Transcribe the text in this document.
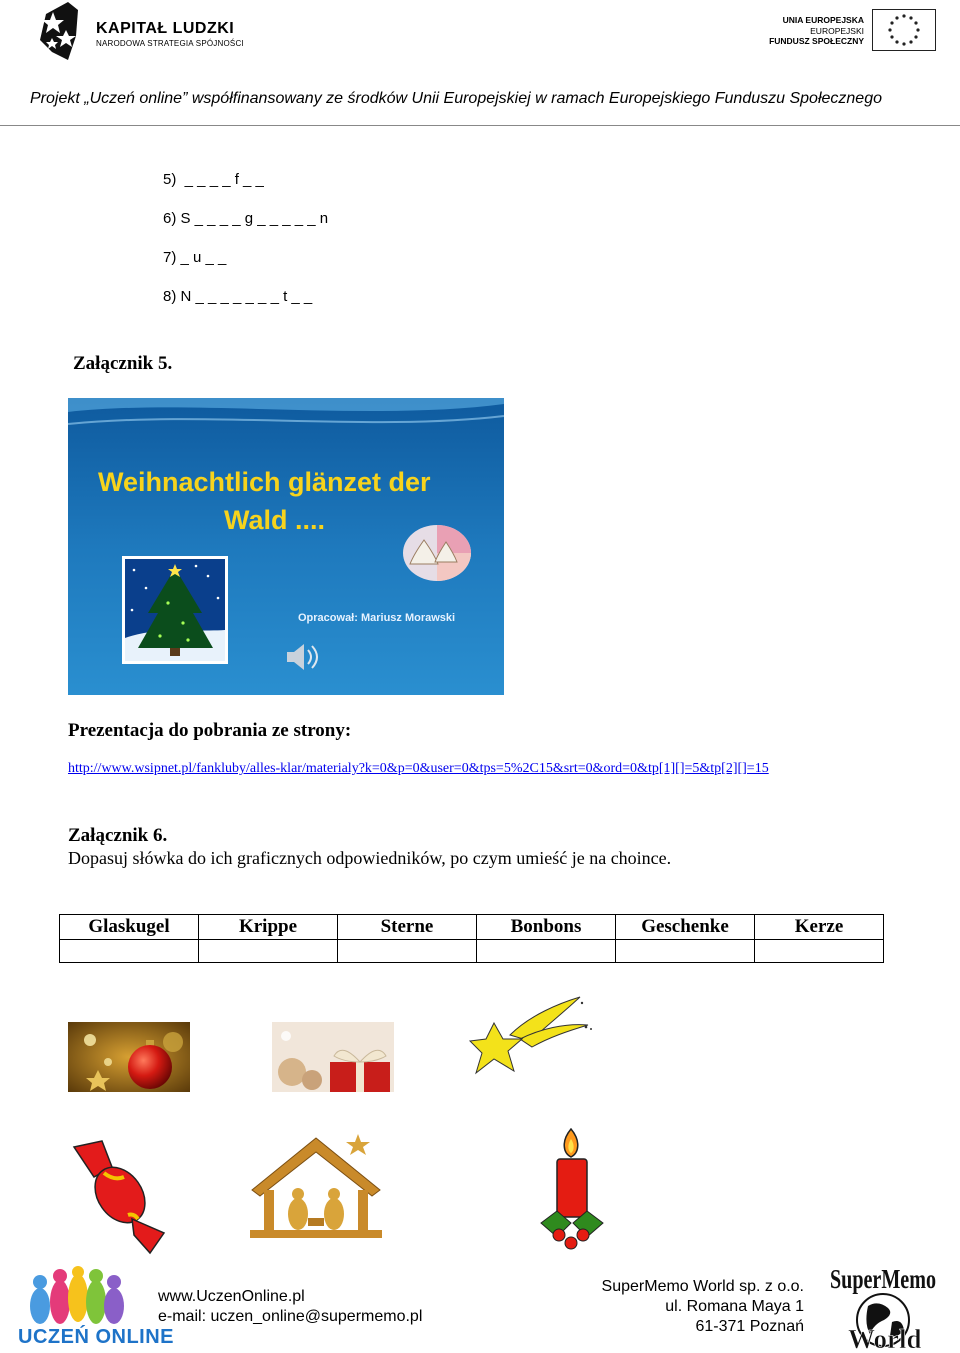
KAPITAŁ LUDZKI
NARODOWA STRATEGIA SPÓJNOŚCI
UNIA EUROPEJSKA
EUROPEJSKI
FUNDUSZ SPOŁECZNY
Projekt „Uczeń online” współfinansowany ze środków Unii Europejskiej w ramach Europejskiego Funduszu Społecznego
5)  _ _ _ _ f _ _
6) S _ _ _ _ g _ _ _ _ _ n
7) _ u _ _
8) N _ _ _ _ _ _ _ t _ _
Załącznik 5.
Weihnachtlich glänzet der
Wald ....
Opracował: Mariusz Morawski
Prezentacja do pobrania ze strony:
http://www.wsipnet.pl/fankluby/alles-klar/materialy?k=0&p=0&user=0&tps=5%2C15&srt=0&ord=0&tp[1][]=5&tp[2][]=15
Załącznik 6.
Dopasuj słówka do ich graficznych odpowiedników, po czym umieść je na choince.
Glaskugel	Krippe	Sterne	Bonbons	Geschenke	Kerze

UCZEŃ ONLINE
www.UczenOnline.pl
e-mail: uczen_online@supermemo.pl
SuperMemo World sp. z o.o.
ul. Romana Maya 1
61-371 Poznań
SuperMemo
World
